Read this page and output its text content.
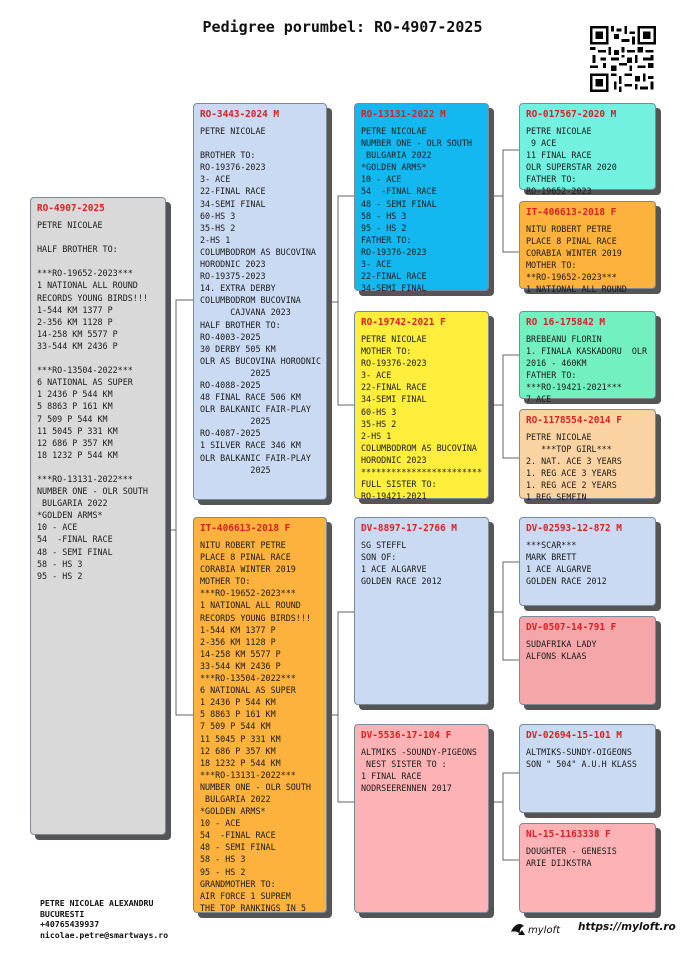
Pedigree porumbel: RO-4907-2025
RO-4907-2025
PETRE NICOLAE

HALF BROTHER TO:

***RO-19652-2023***
1 NATIONAL ALL ROUND
RECORDS YOUNG BIRDS!!!
1-544 KM 1377 P
2-356 KM 1128 P
14-258 KM 5577 P
33-544 KM 2436 P

***RO-13504-2022***
6 NATIONAL AS SUPER
1 2436 P 544 KM
5 8863 P 161 KM
7 509 P 544 KM
11 5045 P 331 KM
12 686 P 357 KM
18 1232 P 544 KM

***RO-13131-2022***
NUMBER ONE - OLR SOUTH
BULGARIA 2022
*GOLDEN ARMS*
10 - ACE
54  -FINAL RACE
48 - SEMI FINAL
58 - HS 3
95 - HS 2
RO-3443-2024 M
PETRE NICOLAE

BROTHER TO:
RO-19376-2023
3- ACE
22-FINAL RACE
34-SEMI FINAL
60-HS 3
35-HS 2
2-HS 1
COLUMBODROM AS BUCOVINA
HORODNIC 2023
RO-19375-2023
14. EXTRA DERBY
COLUMBODROM BUCOVINA
CAJVANA 2023
HALF BROTHER TO:
RO-4003-2025
30 DERBY 505 KM
OLR AS BUCOVINA HORODNIC
2025
RO-4088-2025
48 FINAL RACE 506 KM
OLR BALKANIC FAIR-PLAY
2025
RO-4087-2025
1 SILVER RACE 346 KM
OLR BALKANIC FAIR-PLAY
2025
IT-406613-2018 F
NITU ROBERT PETRE
PLACE 8 PINAL RACE
CORABIA WINTER 2019
MOTHER TO:
***RO-19652-2023***
1 NATIONAL ALL ROUND
RECORDS YOUNG BIRDS!!!
1-544 KM 1377 P
2-356 KM 1128 P
14-258 KM 5577 P
33-544 KM 2436 P
***RO-13504-2022***
6 NATIONAL AS SUPER
1 2436 P 544 KM
5 8863 P 161 KM
7 509 P 544 KM
11 5045 P 331 KM
12 686 P 357 KM
18 1232 P 544 KM
***RO-13131-2022***
NUMBER ONE - OLR SOUTH
BULGARIA 2022
*GOLDEN ARMS*
10 - ACE
54  -FINAL RACE
48 - SEMI FINAL
58 - HS 3
95 - HS 2
GRANDMOTHER TO:
AIR FORCE 1 SUPREM
THE TOP RANKINGS IN 5
RO-13131-2022 M
PETRE NICOLAE
NUMBER ONE - OLR SOUTH
BULGARIA 2022
*GOLDEN ARMS*
10 - ACE
54  -FINAL RACE
48 - SEMI FINAL
58 - HS 3
95 - HS 2
FATHER TO:
RO-19376-2023
3- ACE
22-FINAL RACE
34-SEMI FINAL
RO-19742-2021 F
PETRE NICOLAE
MOTHER TO:
RO-19376-2023
3- ACE
22-FINAL RACE
34-SEMI FINAL
60-HS 3
35-HS 2
2-HS 1
COLUMBODROM AS BUCOVINA
HORODNIC 2023
************************
FULL SISTER TO:
RO-19421-2021
DV-8897-17-2766 M
SG STEFFL
SON OF:
1 ACE ALGARVE
GOLDEN RACE 2012
DV-5536-17-104 F
ALTMIKS -SOUNDY-PIGEONS
NEST SISTER TO :
1 FINAL RACE
NODRSEERENNEN 2017
RO-017567-2020 M
PETRE NICOLAE
9 ACE
11 FINAL RACE
OLR SUPERSTAR 2020
FATHER TO:
RO-19652-2023
IT-406613-2018 F
NITU ROBERT PETRE
PLACE 8 PINAL RACE
CORABIA WINTER 2019
MOTHER TO:
**RO-19652-2023***
1 NATIONAL ALL ROUND
RO 16-175842 M
BREBEANU FLORIN
1. FINALA KASKADORU  OLR
2016 - 460KM
FATHER TO:
***RO-19421-2021***
7 ACE
RO-1178554-2014 F
PETRE NICOLAE
***TOP GIRL***
2. NAT. ACE 3 YEARS
1. REG ACE 3 YEARS
1. REG ACE 2 YEARS
1 REG SEMFIN
DV-02593-12-872 M
***SCAR***
MARK BRETT
1 ACE ALGARVE
GOLDEN RACE 2012
DV-0507-14-791 F
SUDAFRIKA LADY
ALFONS KLAAS
DV-02694-15-101 M
ALTMIKS-SUNDY-OIGEONS
SON " 504" A.U.H KLASS
NL-15-1163338 F
DOUGHTER - GENESIS
ARIE DIJKSTRA
PETRE NICOLAE ALEXANDRU
BUCURESTI
+40765439937
nicolae.petre@smartways.ro	myloft https://myloft.ro
